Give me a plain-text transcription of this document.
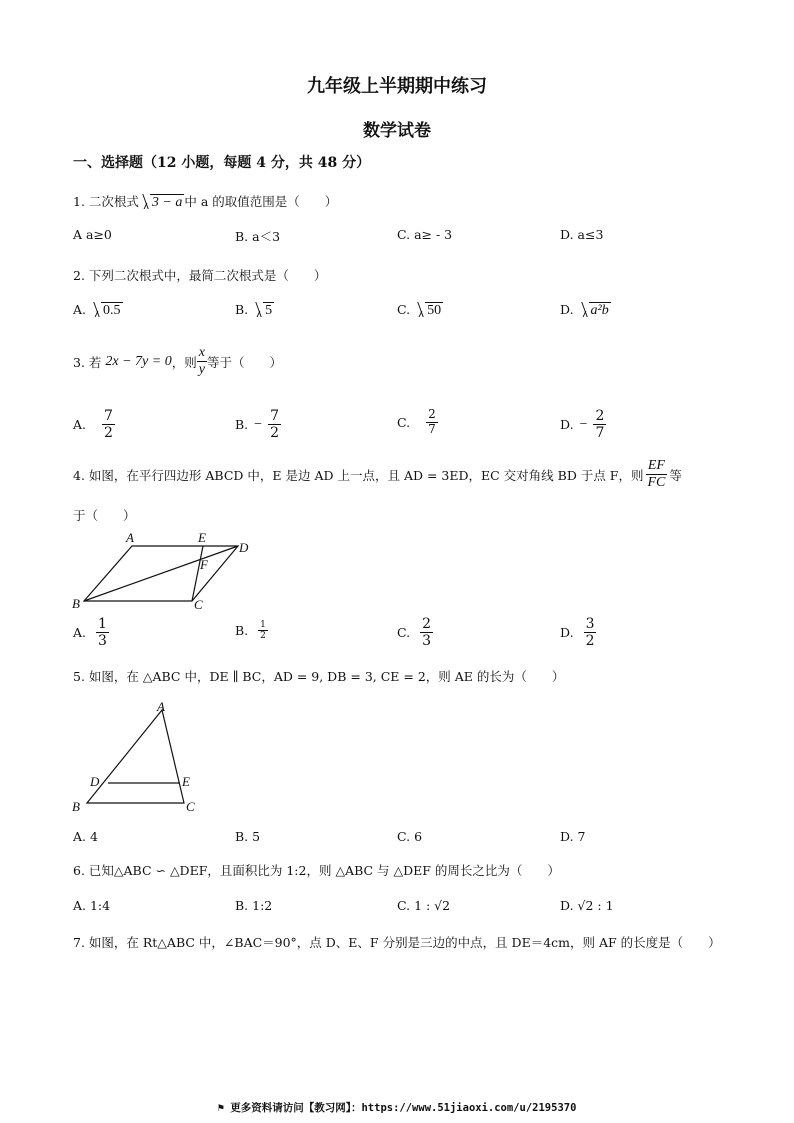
九年级上半期期中练习
数学试卷
一、选择题（12 小题，每题 4 分，共 48 分）
1. 二次根式 3 − a 中 a 的取值范围是（　　）
A a≥0	B. a＜3	C. a≥ - 3	D. a≤3
2. 下列二次根式中，最简二次根式是（　　）
A. 0.5	B. 5	C. 50	D. a²b
3. 若
2x − 7y = 0 ，则 $\frac{x}{y}$ 等于（　　）
A. $\frac{7}{2}$	B. − $\frac{7}{2}$	C. $\frac{2}{7}$	D. − $\frac{2}{7}$
4. 如图，在平行四边形 ABCD 中，E 是边 AD 上一点，且 AD = 3ED，EC 交对角线 BD 于点 F，则 $\frac{EF}{FC}$ 等
于（　　）
A	E
D
F
B	C
A. $\frac{1}{3}$	B. $\frac{1}{2}$	C. $\frac{2}{3}$	D. $\frac{3}{2}$
5. 如图，在 △ABC 中，DE ∥ BC，AD = 9, DB = 3, CE = 2，则 AE 的长为（　　）
A
D	E
B	C
A. 4	B. 5	C. 6	D. 7
6. 已知△ABC ∽ △DEF，且面积比为 1:2，则 △ABC 与 △DEF 的周长之比为（　　）
A. 1:4	B. 1:2	C. 1 : √2	D. √2 : 1
7. 如图，在 Rt△ABC 中，∠BAC＝90°，点 D、E、F 分别是三边的中点，且 DE＝4cm，则 AF 的长度是（　　）
⚑ 更多资料请访问【教习网】：https://www.51jiaoxi.com/u/2195370
